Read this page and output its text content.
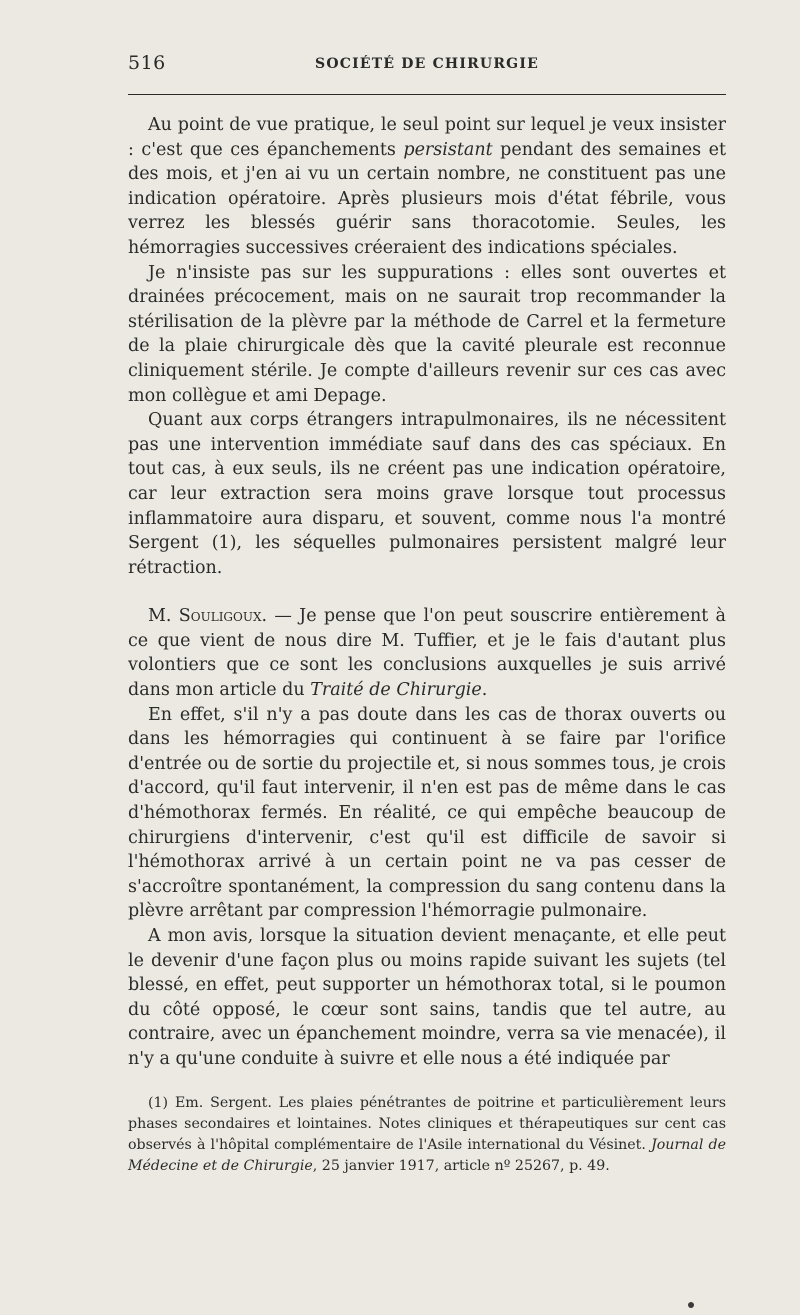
516	SOCIÉTÉ DE CHIRURGIE

Au point de vue pratique, le seul point sur lequel je veux insister : c'est que ces épanchements persistant pendant des semaines et des mois, et j'en ai vu un certain nombre, ne constituent pas une indication opératoire. Après plusieurs mois d'état fébrile, vous verrez les blessés guérir sans thoracotomie. Seules, les hémorragies successives créeraient des indications spéciales.

Je n'insiste pas sur les suppurations : elles sont ouvertes et drainées précocement, mais on ne saurait trop recommander la stérilisation de la plèvre par la méthode de Carrel et la fermeture de la plaie chirurgicale dès que la cavité pleurale est reconnue cliniquement stérile. Je compte d'ailleurs revenir sur ces cas avec mon collègue et ami Depage.

Quant aux corps étrangers intrapulmonaires, ils ne nécessitent pas une intervention immédiate sauf dans des cas spéciaux. En tout cas, à eux seuls, ils ne créent pas une indication opératoire, car leur extraction sera moins grave lorsque tout processus inflammatoire aura disparu, et souvent, comme nous l'a montré Sergent (1), les séquelles pulmonaires persistent malgré leur rétraction.

M. Souligoux. — Je pense que l'on peut souscrire entièrement à ce que vient de nous dire M. Tuffier, et je le fais d'autant plus volontiers que ce sont les conclusions auxquelles je suis arrivé dans mon article du Traité de Chirurgie.

En effet, s'il n'y a pas doute dans les cas de thorax ouverts ou dans les hémorragies qui continuent à se faire par l'orifice d'entrée ou de sortie du projectile et, si nous sommes tous, je crois d'accord, qu'il faut intervenir, il n'en est pas de même dans le cas d'hémothorax fermés. En réalité, ce qui empêche beaucoup de chirurgiens d'intervenir, c'est qu'il est difficile de savoir si l'hémothorax arrivé à un certain point ne va pas cesser de s'accroître spontanément, la compression du sang contenu dans la plèvre arrêtant par compression l'hémorragie pulmonaire.

A mon avis, lorsque la situation devient menaçante, et elle peut le devenir d'une façon plus ou moins rapide suivant les sujets (tel blessé, en effet, peut supporter un hémothorax total, si le poumon du côté opposé, le cœur sont sains, tandis que tel autre, au contraire, avec un épanchement moindre, verra sa vie menacée), il n'y a qu'une conduite à suivre et elle nous a été indiquée par

(1) Em. Sergent. Les plaies pénétrantes de poitrine et particulièrement leurs phases secondaires et lointaines. Notes cliniques et thérapeutiques sur cent cas observés à l'hôpital complémentaire de l'Asile international du Vésinet. Journal de Médecine et de Chirurgie, 25 janvier 1917, article nº 25267, p. 49.
